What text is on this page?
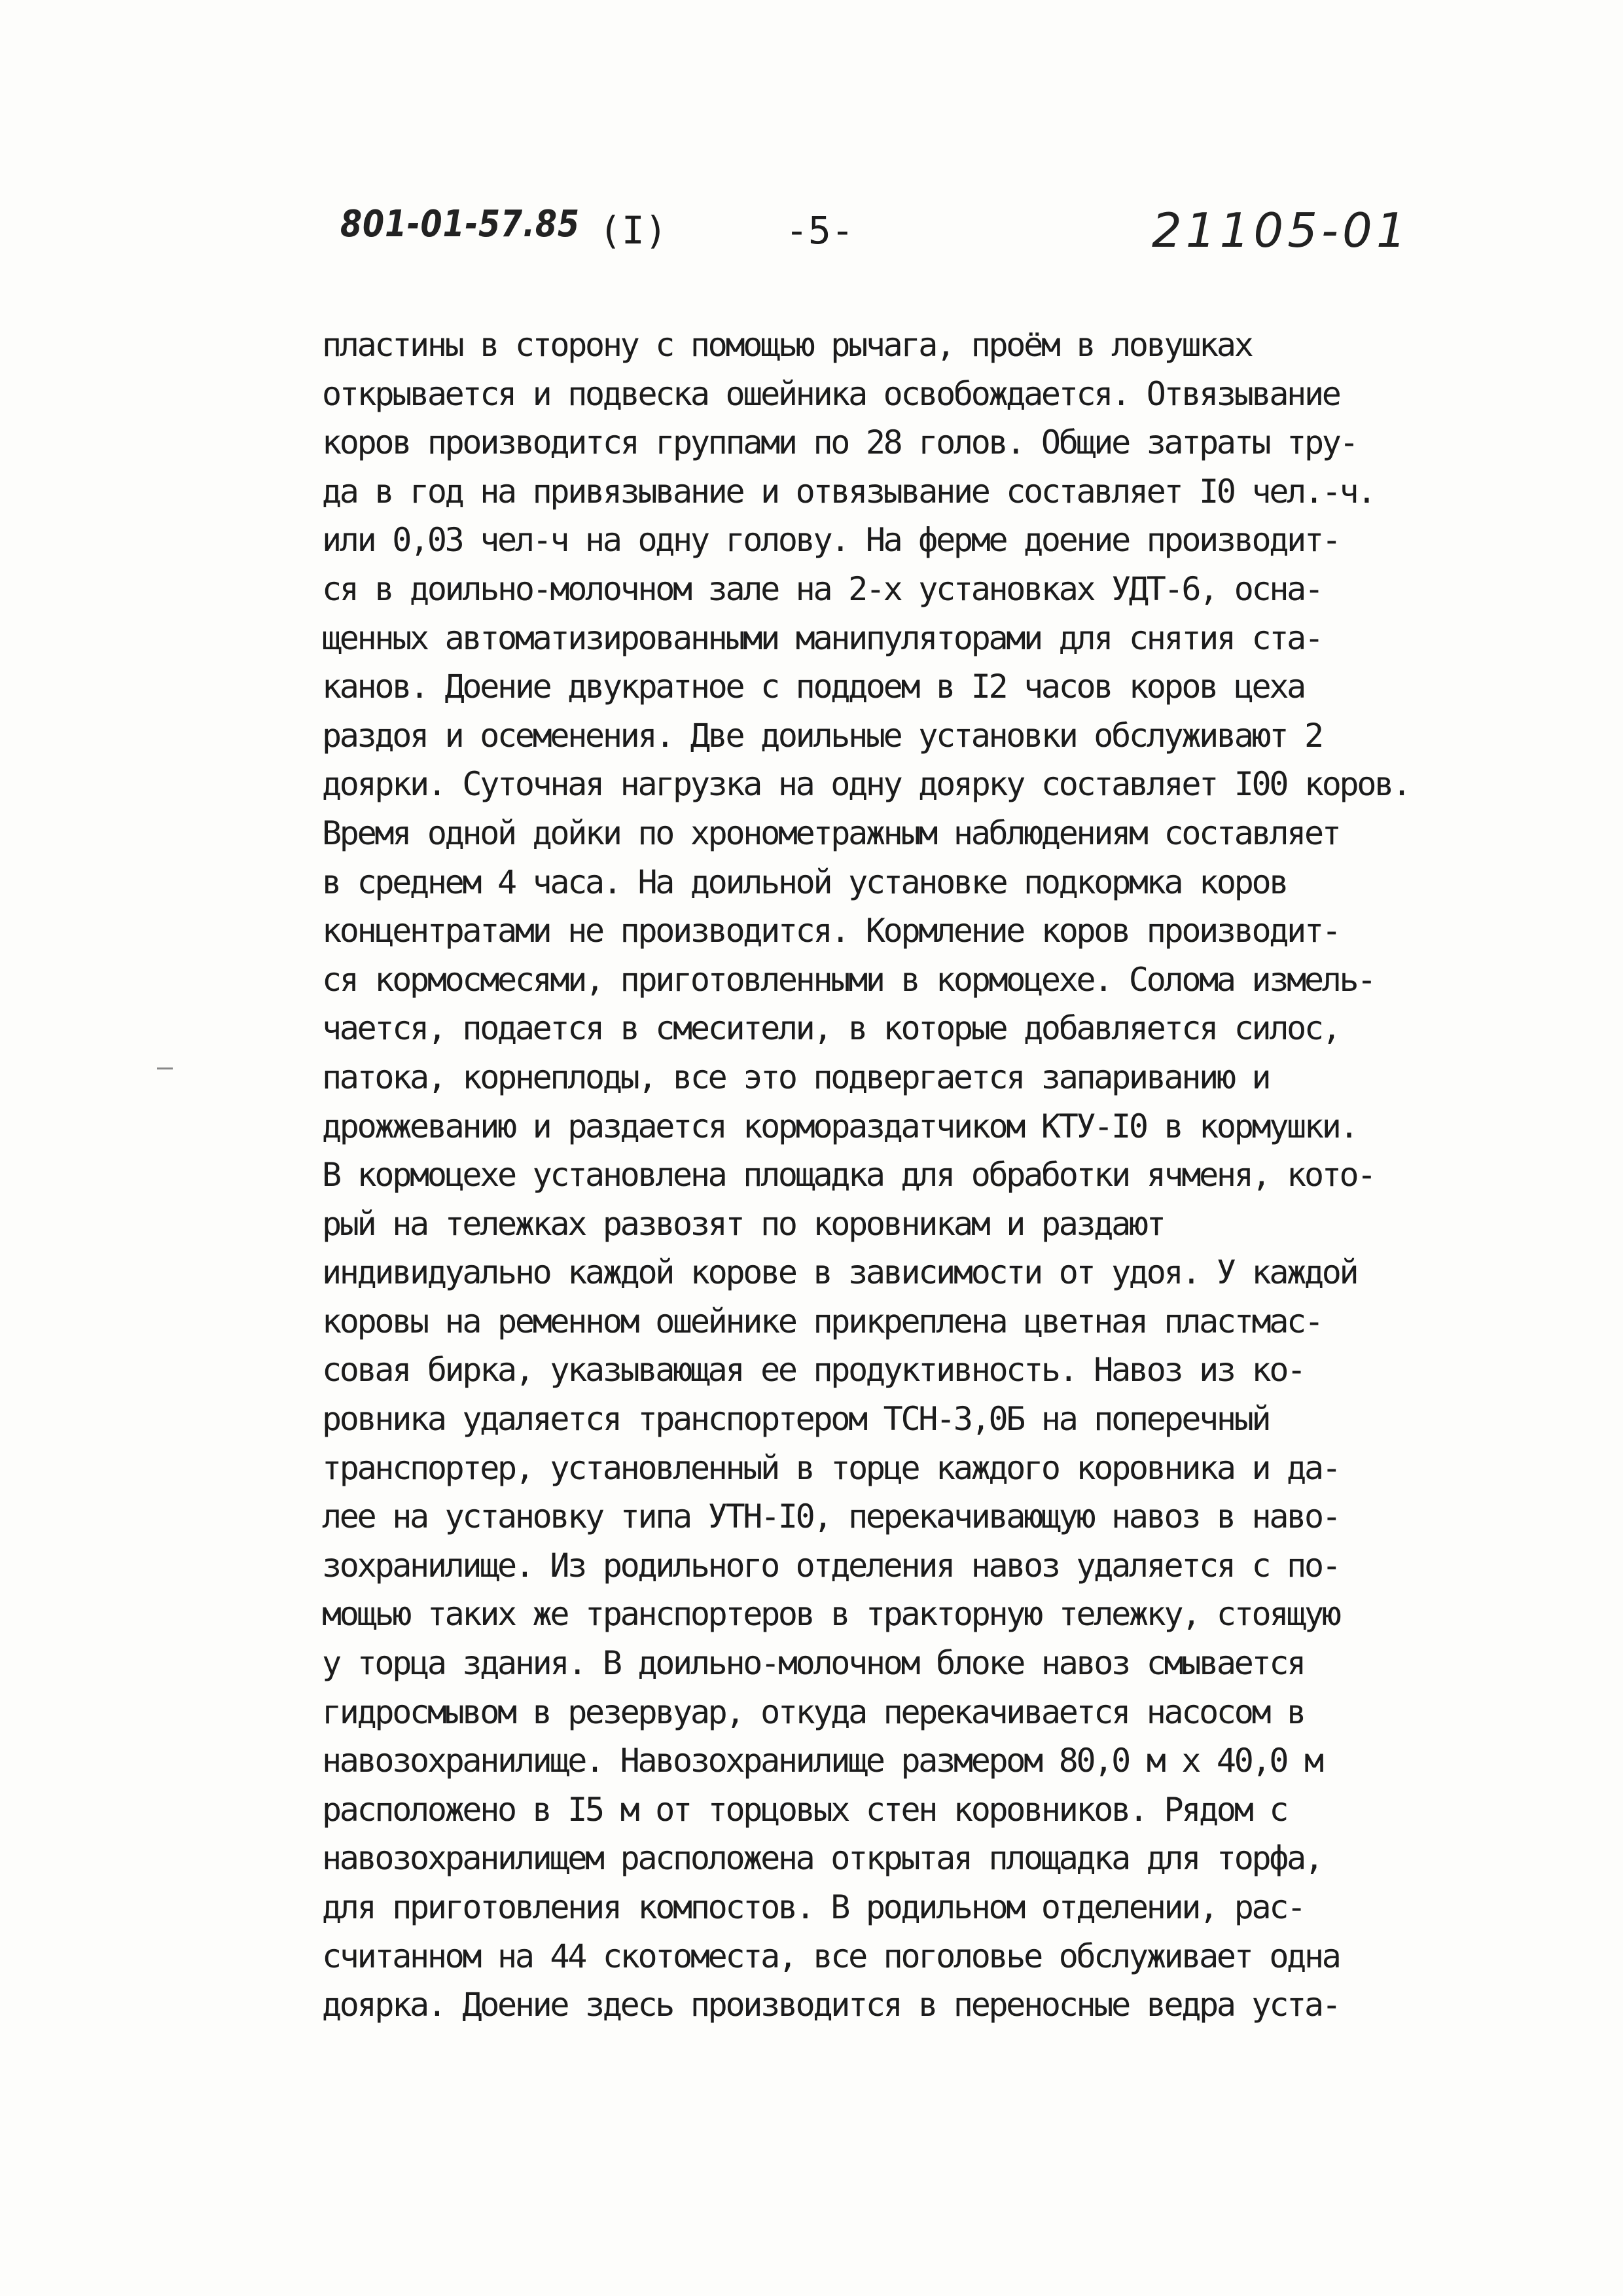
801-01-57.85 (I)	-5-	21105-01
пластины в сторону с помощью рычага, проём в ловушках
открывается и подвеска ошейника освобождается. Отвязывание
коров производится группами по 28 голов. Общие затраты тру-
да в год на привязывание и отвязывание составляет I0 чел.-ч.
или 0,03 чел-ч на одну голову. На ферме доение производит-
ся в доильно-молочном зале на 2-х установках УДТ-6, осна-
щенных автоматизированными манипуляторами для снятия ста-
канов. Доение двукратное с поддоем в I2 часов коров цеха
раздоя и осеменения. Две доильные установки обслуживают 2
доярки. Суточная нагрузка на одну доярку составляет I00 коров.
Время одной дойки по хронометражным наблюдениям составляет
в среднем 4 часа. На доильной установке подкормка коров
концентратами не производится. Кормление коров производит-
ся кормосмесями, приготовленными в кормоцехе. Солома измель-
чается, подается в смесители, в которые добавляется силос,
патока, корнеплоды, все это подвергается запариванию и
дрожжеванию и раздается кормораздатчиком КТУ-I0 в кормушки.
В кормоцехе установлена площадка для обработки ячменя, кото-
рый на тележках развозят по коровникам и раздают
индивидуально каждой корове в зависимости от удоя. У каждой
коровы на ременном ошейнике прикреплена цветная пластмас-
совая бирка, указывающая ее продуктивность. Навоз из ко-
ровника удаляется транспортером ТСН-3,0Б на поперечный
транспортер, установленный в торце каждого коровника и да-
лее на установку типа УТН-I0, перекачивающую навоз в наво-
зохранилище. Из родильного отделения навоз удаляется с по-
мощью таких же транспортеров в тракторную тележку, стоящую
у торца здания. В доильно-молочном блоке навоз смывается
гидросмывом в резервуар, откуда перекачивается насосом в
навозохранилище. Навозохранилище размером 80,0 м х 40,0 м
расположено в I5 м от торцовых стен коровников. Рядом с
навозохранилищем расположена открытая площадка для торфа,
для приготовления компостов. В родильном отделении, рас-
считанном на 44 скотоместа, все поголовье обслуживает одна
доярка. Доение здесь производится в переносные ведра уста-
